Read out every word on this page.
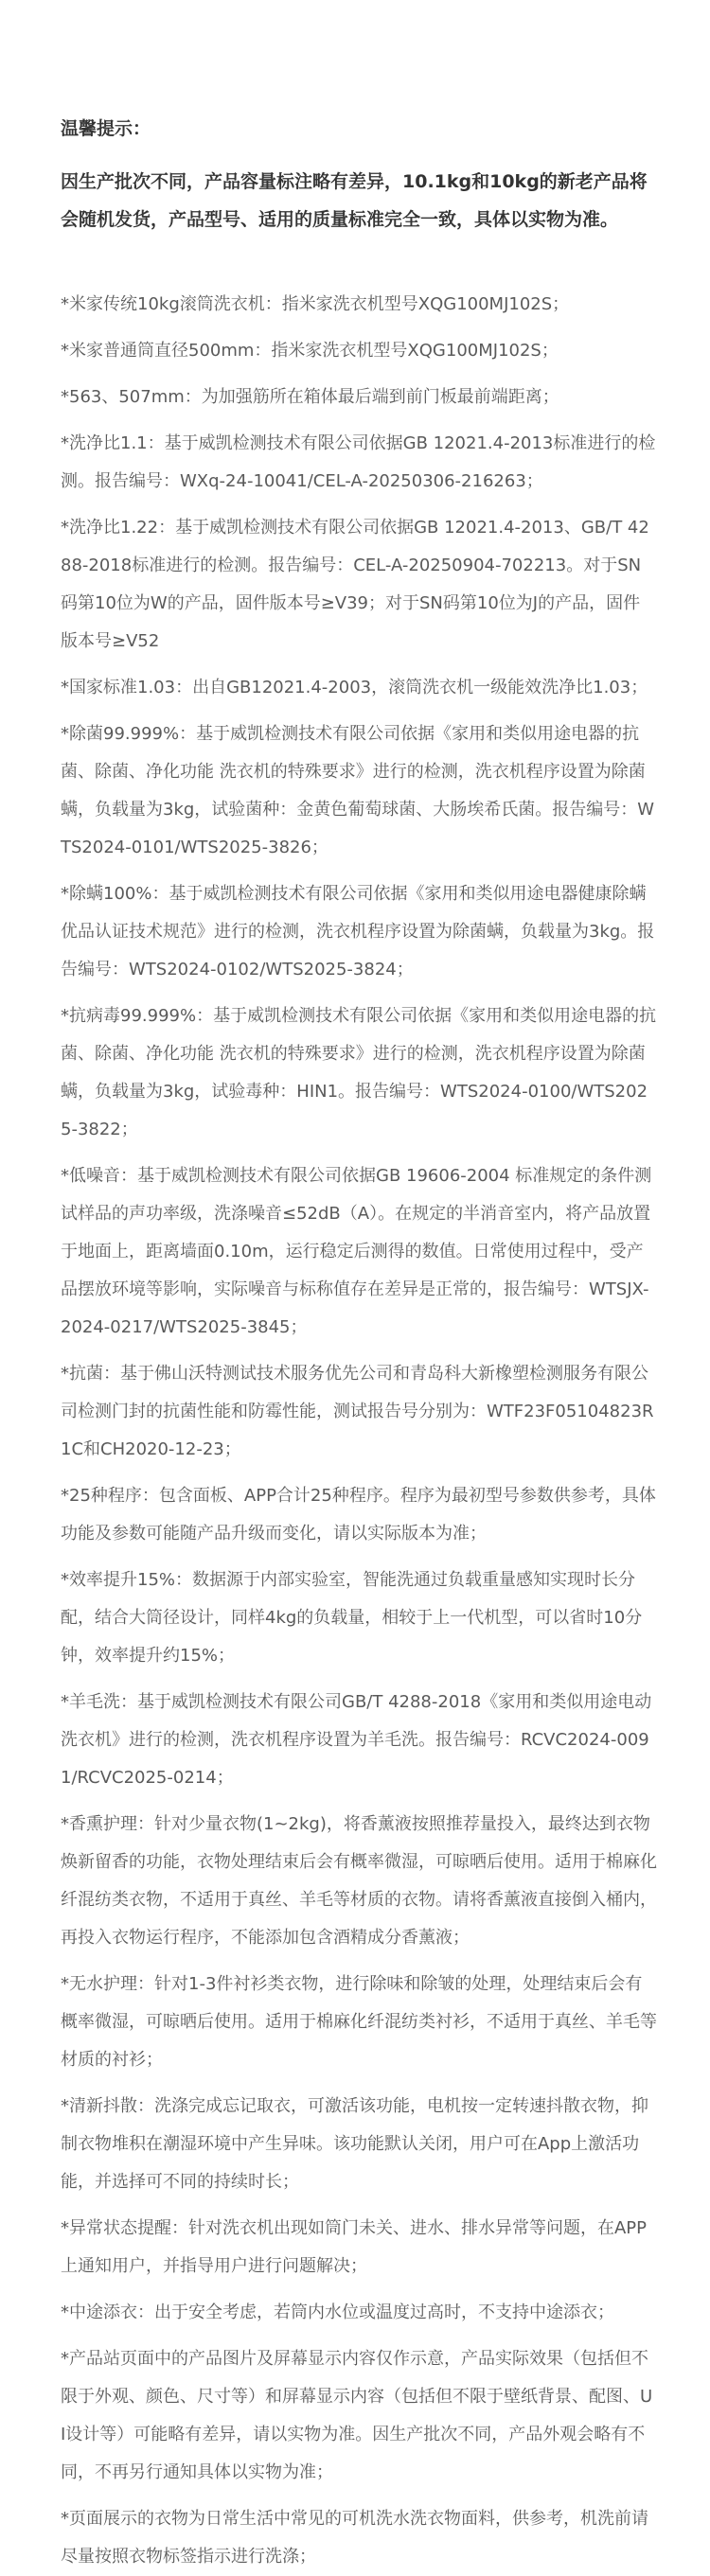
温馨提示：

因生产批次不同，产品容量标注略有差异，10.1kg和10kg的新老产品将会随机发货，产品型号、适用的质量标准完全一致，具体以实物为准。

*米家传统10kg滚筒洗衣机：指米家洗衣机型号XQG100MJ102S；
*米家普通筒直径500mm：指米家洗衣机型号XQG100MJ102S；
*563、507mm：为加强筋所在箱体最后端到前门板最前端距离；
*洗净比1.1：基于威凯检测技术有限公司依据GB 12021.4-2013标准进行的检测。报告编号：WXq-24-10041/CEL-A-20250306-216263；
*洗净比1.22：基于威凯检测技术有限公司依据GB 12021.4-2013、GB/T 4288-2018标准进行的检测。报告编号：CEL-A-20250904-702213。对于SN码第10位为W的产品，固件版本号≥V39；对于SN码第10位为J的产品，固件版本号≥V52
*国家标准1.03：出自GB12021.4-2003，滚筒洗衣机一级能效洗净比1.03；
*除菌99.999%：基于威凯检测技术有限公司依据《家用和类似用途电器的抗菌、除菌、净化功能 洗衣机的特殊要求》进行的检测，洗衣机程序设置为除菌螨，负载量为3kg，试验菌种：金黄色葡萄球菌、大肠埃希氏菌。报告编号：WTS2024-0101/WTS2025-3826；
*除螨100%：基于威凯检测技术有限公司依据《家用和类似用途电器健康除螨优品认证技术规范》进行的检测，洗衣机程序设置为除菌螨，负载量为3kg。报告编号：WTS2024-0102/WTS2025-3824；
*抗病毒99.999%：基于威凯检测技术有限公司依据《家用和类似用途电器的抗菌、除菌、净化功能 洗衣机的特殊要求》进行的检测，洗衣机程序设置为除菌螨，负载量为3kg，试验毒种：HIN1。报告编号：WTS2024-0100/WTS2025-3822；
*低噪音：基于威凯检测技术有限公司依据GB 19606-2004 标准规定的条件测试样品的声功率级，洗涤噪音≤52dB（A）。在规定的半消音室内，将产品放置于地面上，距离墙面0.10m，运行稳定后测得的数值。日常使用过程中，受产品摆放环境等影响，实际噪音与标称值存在差异是正常的，报告编号：WTSJX-2024-0217/WTS2025-3845；
*抗菌：基于佛山沃特测试技术服务优先公司和青岛科大新橡塑检测服务有限公司检测门封的抗菌性能和防霉性能，测试报告号分别为：WTF23F05104823R1C和CH2020-12-23；
*25种程序：包含面板、APP合计25种程序。程序为最初型号参数供参考，具体功能及参数可能随产品升级而变化，请以实际版本为准；
*效率提升15%：数据源于内部实验室，智能洗通过负载重量感知实现时长分配，结合大筒径设计，同样4kg的负载量，相较于上一代机型，可以省时10分钟，效率提升约15%；
*羊毛洗：基于威凯检测技术有限公司GB/T 4288-2018《家用和类似用途电动洗衣机》进行的检测，洗衣机程序设置为羊毛洗。报告编号：RCVC2024-0091/RCVC2025-0214；
*香熏护理：针对少量衣物(1~2kg)，将香薰液按照推荐量投入，最终达到衣物焕新留香的功能，衣物处理结束后会有概率微湿，可晾晒后使用。适用于棉麻化纤混纺类衣物，不适用于真丝、羊毛等材质的衣物。请将香薰液直接倒入桶内，再投入衣物运行程序，不能添加包含酒精成分香薰液；
*无水护理：针对1-3件衬衫类衣物，进行除味和除皱的处理，处理结束后会有概率微湿，可晾晒后使用。适用于棉麻化纤混纺类衬衫，不适用于真丝、羊毛等材质的衬衫；
*清新抖散：洗涤完成忘记取衣，可激活该功能，电机按一定转速抖散衣物，抑制衣物堆积在潮湿环境中产生异味。该功能默认关闭，用户可在App上激活功能，并选择可不同的持续时长；
*异常状态提醒：针对洗衣机出现如筒门未关、进水、排水异常等问题，在APP上通知用户，并指导用户进行问题解决；
*中途添衣：出于安全考虑，若筒内水位或温度过高时，不支持中途添衣；
*产品站页面中的产品图片及屏幕显示内容仅作示意，产品实际效果（包括但不限于外观、颜色、尺寸等）和屏幕显示内容（包括但不限于壁纸背景、配图、UI设计等）可能略有差异，请以实物为准。因生产批次不同，产品外观会略有不同，不再另行通知具体以实物为准；
*页面展示的衣物为日常生活中常见的可机洗水洗衣物面料，供参考，机洗前请尽量按照衣物标签指示进行洗涤；
